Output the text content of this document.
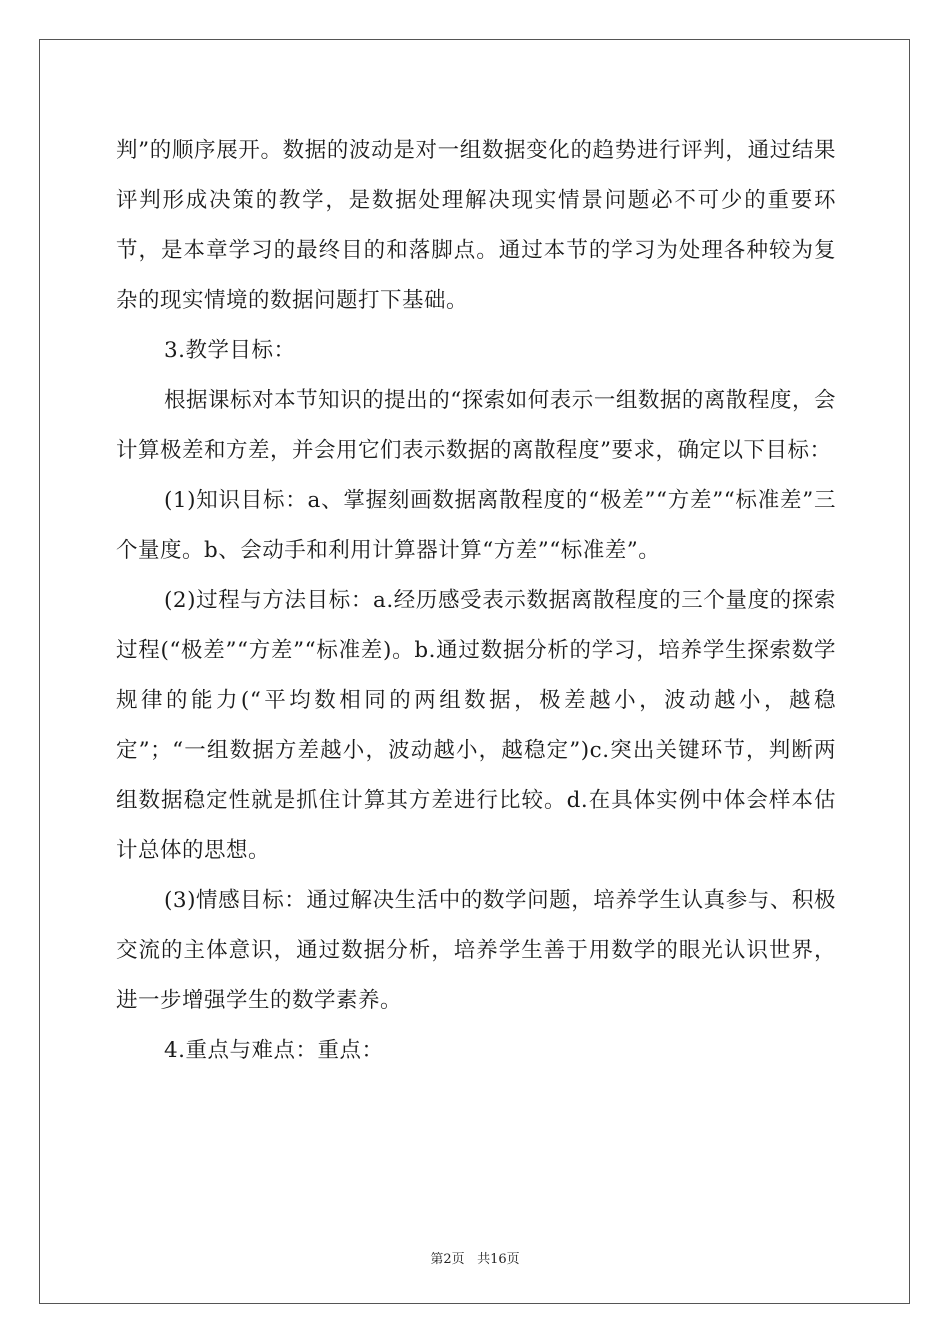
判”的顺序展开。数据的波动是对一组数据变化的趋势进行评判，通过结果评判形成决策的教学，是数据处理解决现实情景问题必不可少的重要环节，是本章学习的最终目的和落脚点。通过本节的学习为处理各种较为复杂的现实情境的数据问题打下基础。

3.教学目标：

根据课标对本节知识的提出的“探索如何表示一组数据的离散程度，会计算极差和方差，并会用它们表示数据的离散程度”要求，确定以下目标：

(1)知识目标：a、掌握刻画数据离散程度的“极差”“方差”“标准差”三个量度。b、会动手和利用计算器计算“方差”“标准差”。

(2)过程与方法目标：a.经历感受表示数据离散程度的三个量度的探索过程(“极差”“方差”“标准差)。b.通过数据分析的学习，培养学生探索数学规律的能力(“平均数相同的两组数据，极差越小，波动越小，越稳定”；“一组数据方差越小，波动越小，越稳定”)c.突出关键环节，判断两组数据稳定性就是抓住计算其方差进行比较。d.在具体实例中体会样本估计总体的思想。

(3)情感目标：通过解决生活中的数学问题，培养学生认真参与、积极交流的主体意识，通过数据分析，培养学生善于用数学的眼光认识世界，进一步增强学生的数学素养。

4.重点与难点：重点：

第2页 共16页
